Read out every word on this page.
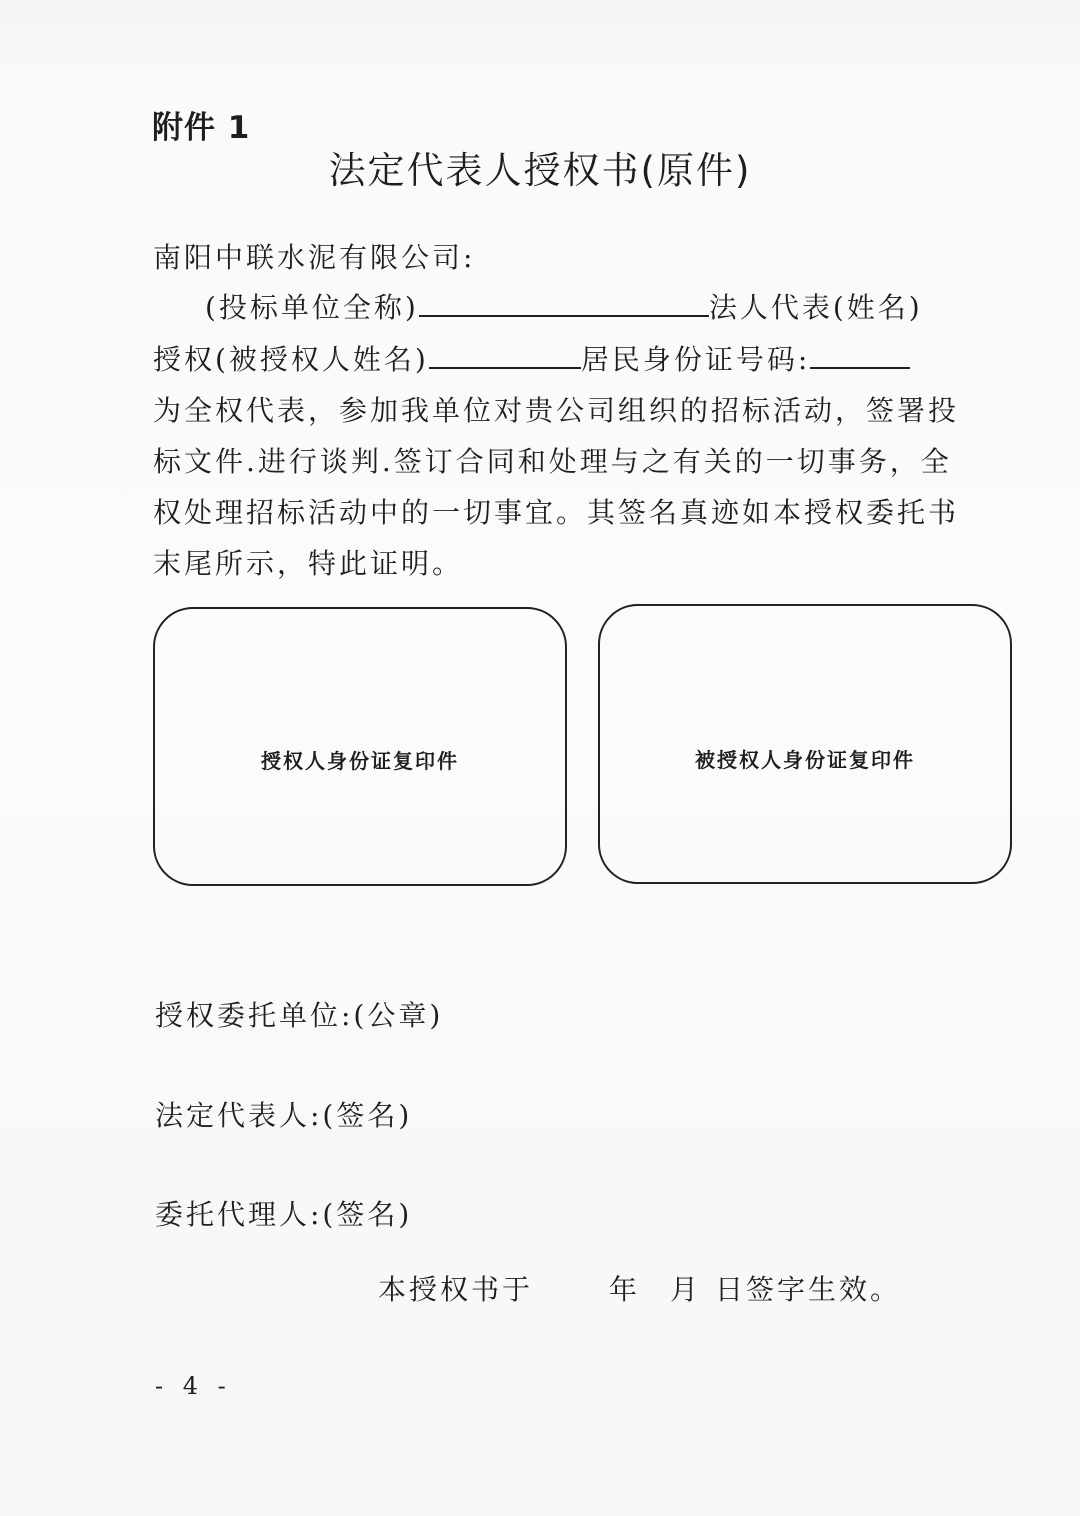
附件 1
法定代表人授权书(原件)
南阳中联水泥有限公司:
(投标单位全称)	法人代表(姓名)
授权(被授权人姓名)	居民身份证号码:
为全权代表，参加我单位对贵公司组织的招标活动，签署投
标文件.进行谈判.签订合同和处理与之有关的一切事务，全
权处理招标活动中的一切事宜。其签名真迹如本授权委托书
末尾所示，特此证明。
授权人身份证复印件	被授权人身份证复印件
授权委托单位:(公章)
法定代表人:(签名)
委托代理人:(签名)
本授权书于	年 月 日签字生效。
- 4 -
